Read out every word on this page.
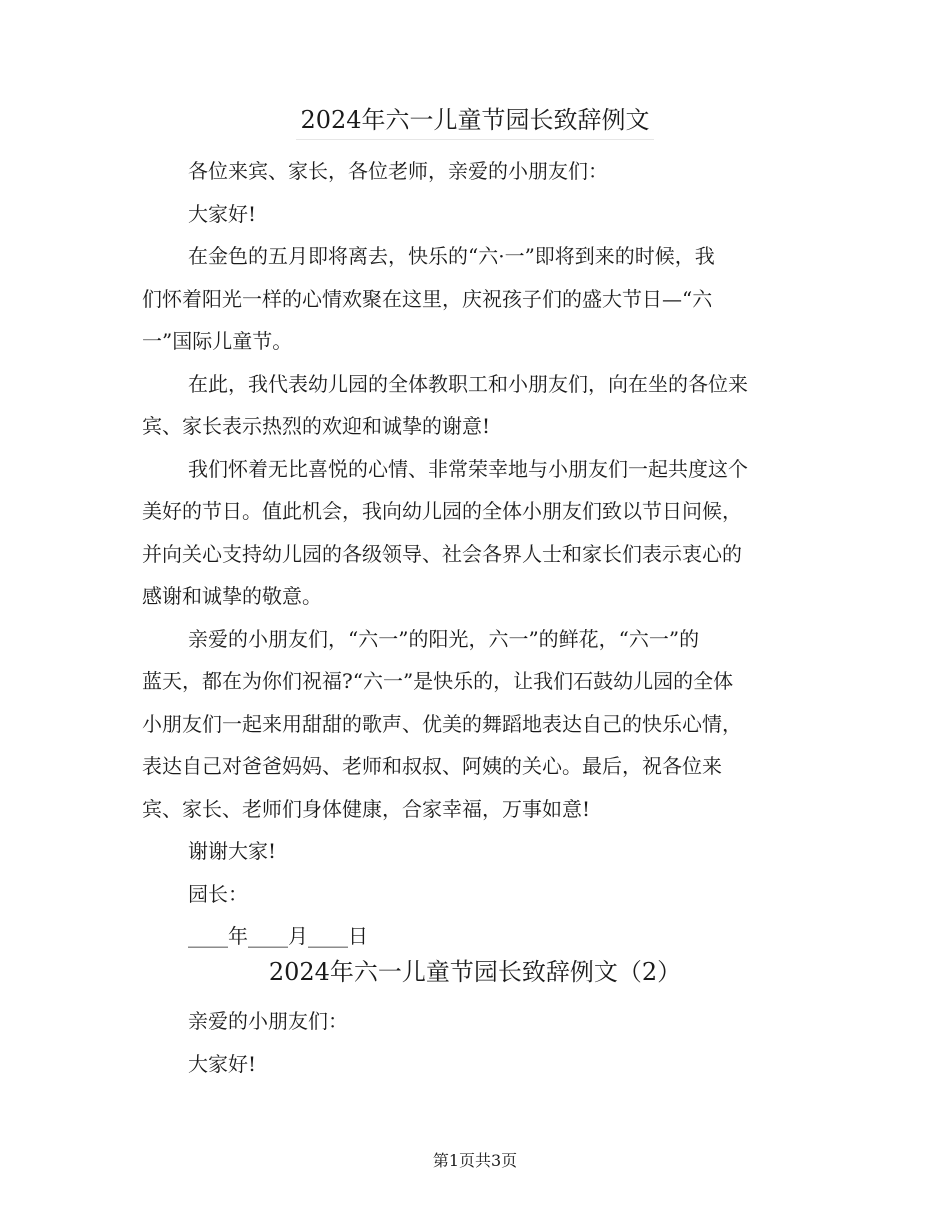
2024年六一儿童节园长致辞例文

各位来宾、家长，各位老师，亲爱的小朋友们：

大家好!

在金色的五月即将离去，快乐的“六·一”即将到来的时候，我

们怀着阳光一样的心情欢聚在这里，庆祝孩子们的盛大节日—“六

一”国际儿童节。

在此，我代表幼儿园的全体教职工和小朋友们，向在坐的各位来

宾、家长表示热烈的欢迎和诚挚的谢意!

我们怀着无比喜悦的心情、非常荣幸地与小朋友们一起共度这个

美好的节日。值此机会，我向幼儿园的全体小朋友们致以节日问候，

并向关心支持幼儿园的各级领导、社会各界人士和家长们表示衷心的

感谢和诚挚的敬意。

亲爱的小朋友们，“六一”的阳光，六一”的鲜花，“六一”的

蓝天，都在为你们祝福?“六一”是快乐的，让我们石鼓幼儿园的全体

小朋友们一起来用甜甜的歌声、优美的舞蹈地表达自己的快乐心情，

表达自己对爸爸妈妈、老师和叔叔、阿姨的关心。最后，祝各位来

宾、家长、老师们身体健康，合家幸福，万事如意!

谢谢大家!

园长：

____年____月____日

2024年六一儿童节园长致辞例文（2）

亲爱的小朋友们：

大家好!

第1页共3页
